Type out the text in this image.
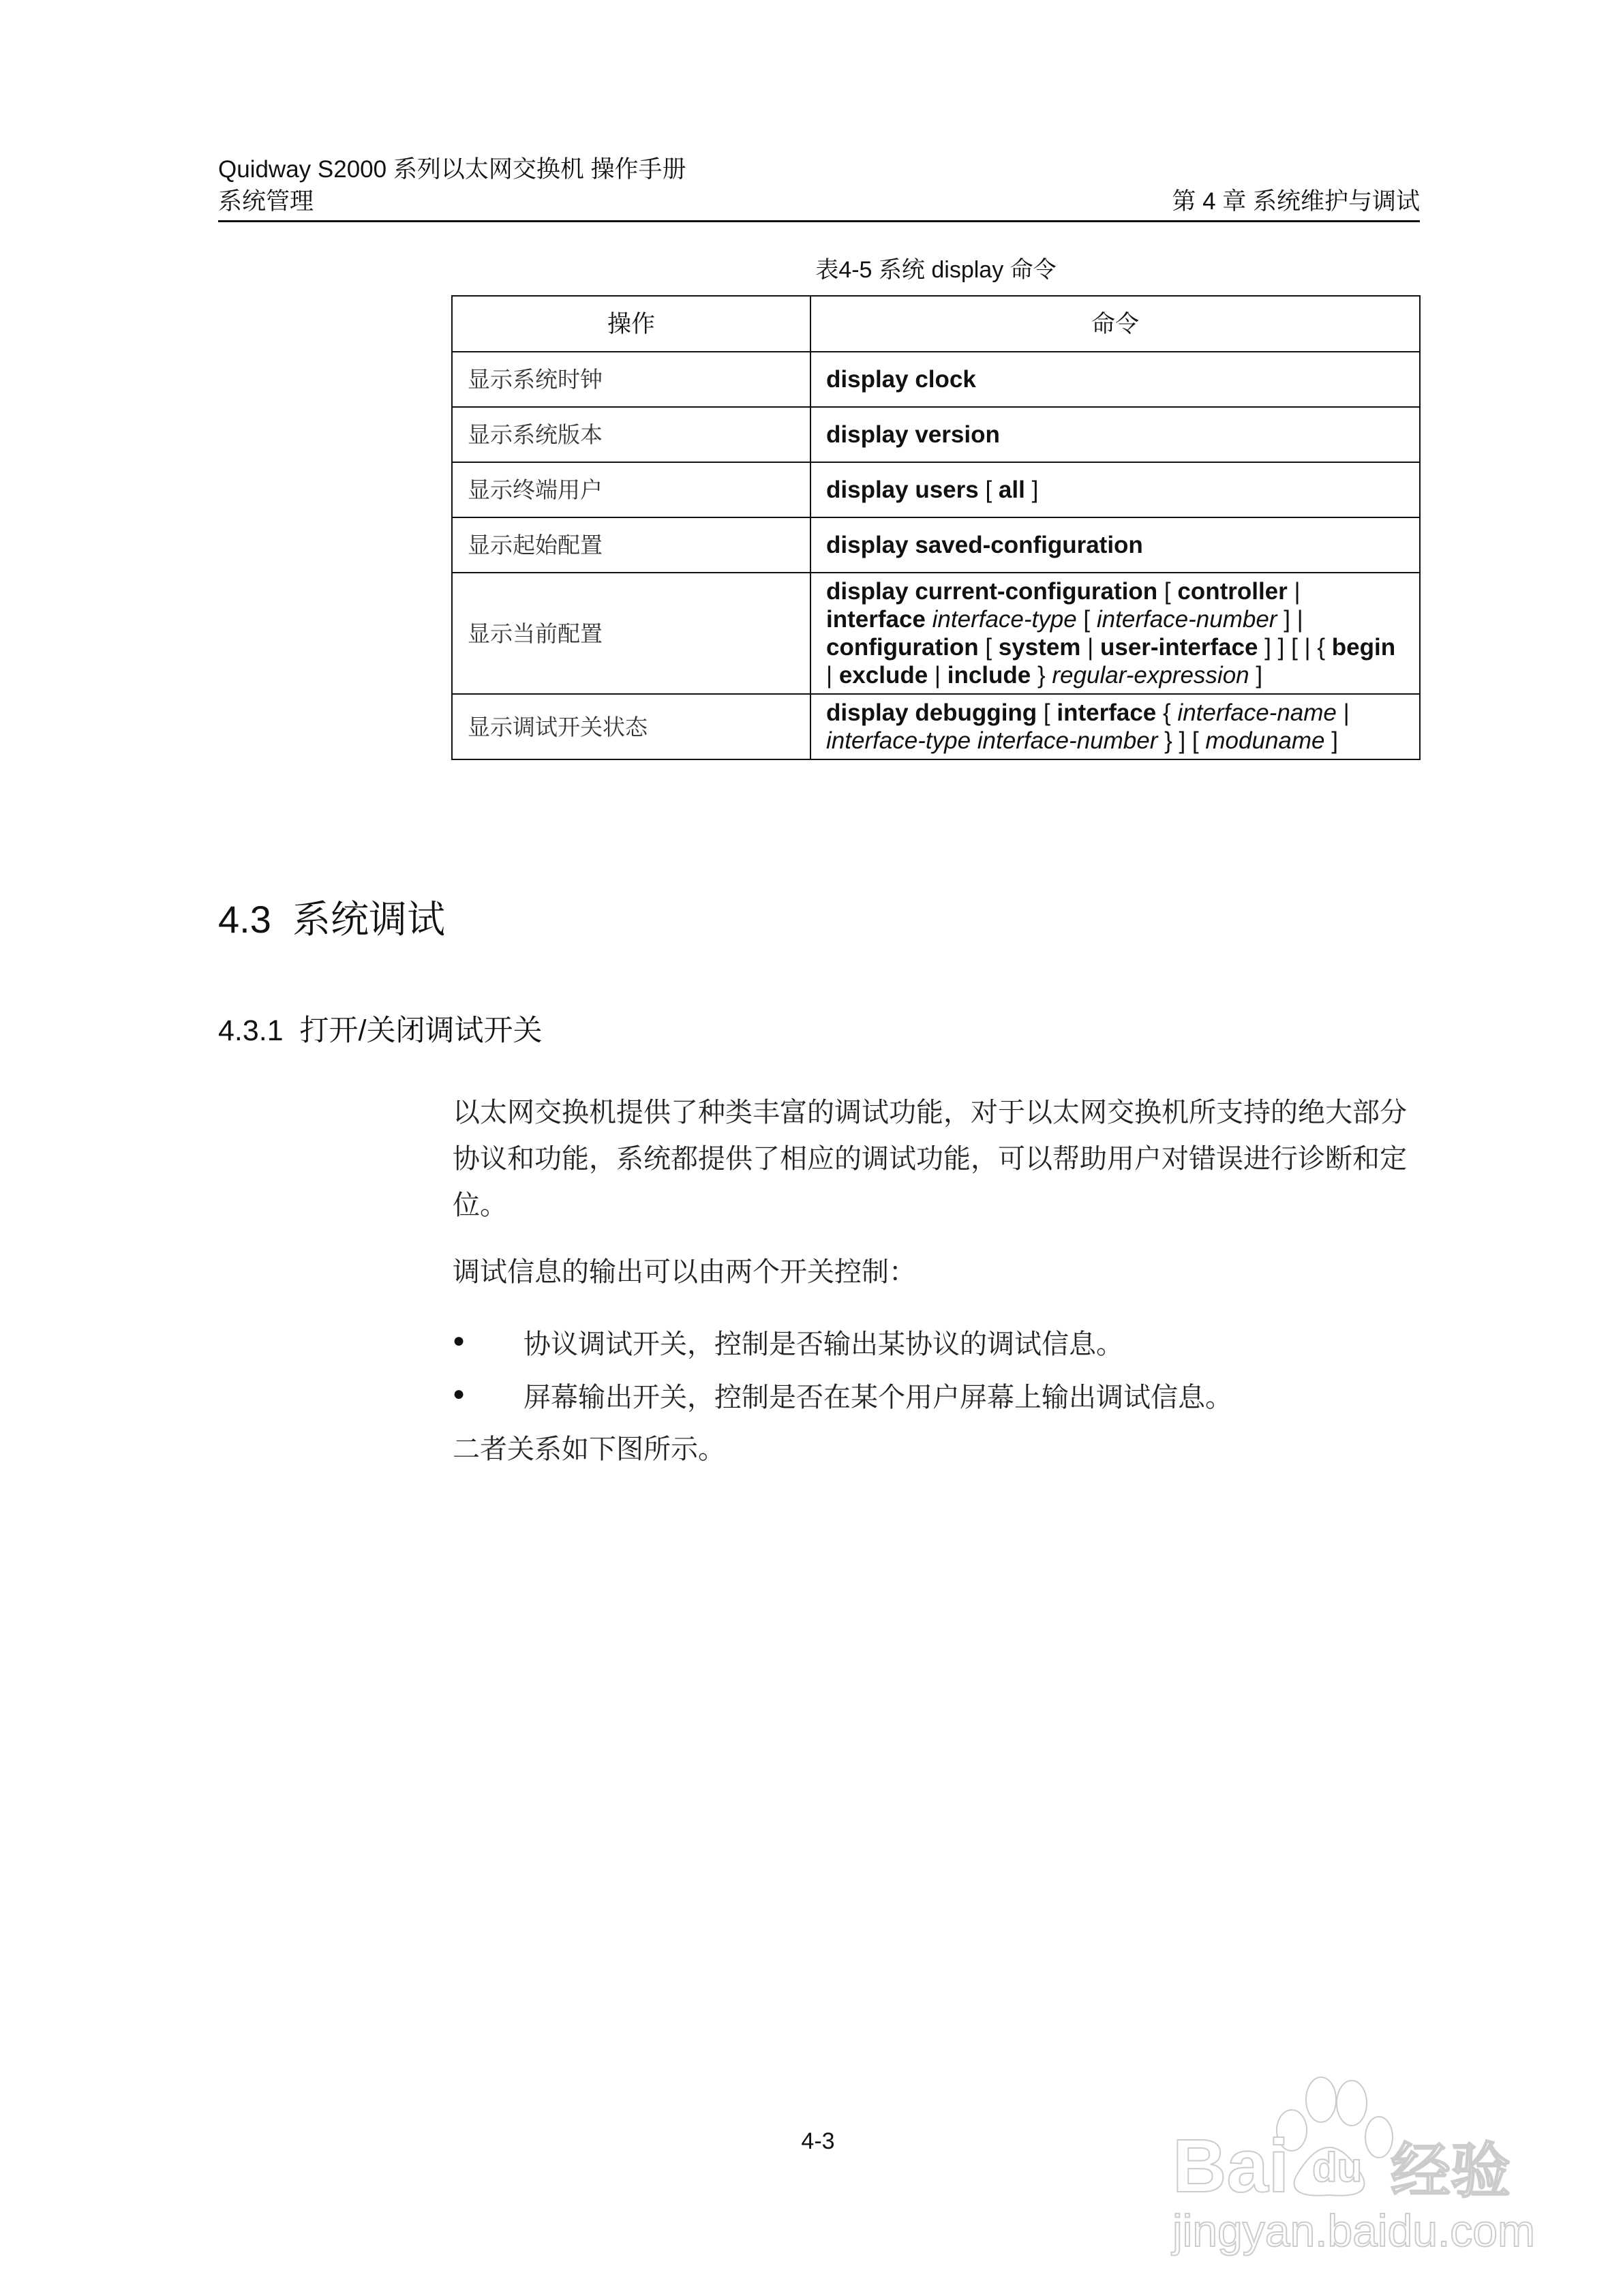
Quidway S2000 系列以太网交换机 操作手册
系统管理	第 4 章 系统维护与调试
表4-5 系统 display 命令
操作	命令
显示系统时钟	display clock
显示系统版本	display version
显示终端用户	display users [ all ]
显示起始配置	display saved-configuration
显示当前配置	display current-configuration [ controller | interface interface-type [ interface-number ] | configuration [ system | user-interface ] ] [ | { begin | exclude | include } regular-expression ]
显示调试开关状态	display debugging [ interface { interface-name | interface-type interface-number } ] [ moduname ]
4.3 系统调试
4.3.1 打开/关闭调试开关
以太网交换机提供了种类丰富的调试功能，对于以太网交换机所支持的绝大部分协议和功能，系统都提供了相应的调试功能，可以帮助用户对错误进行诊断和定位。
调试信息的输出可以由两个开关控制：
● 协议调试开关，控制是否输出某协议的调试信息。
● 屏幕输出开关，控制是否在某个用户屏幕上输出调试信息。
二者关系如下图所示。
4-3	Bai du 经验
jingyan.baidu.com
